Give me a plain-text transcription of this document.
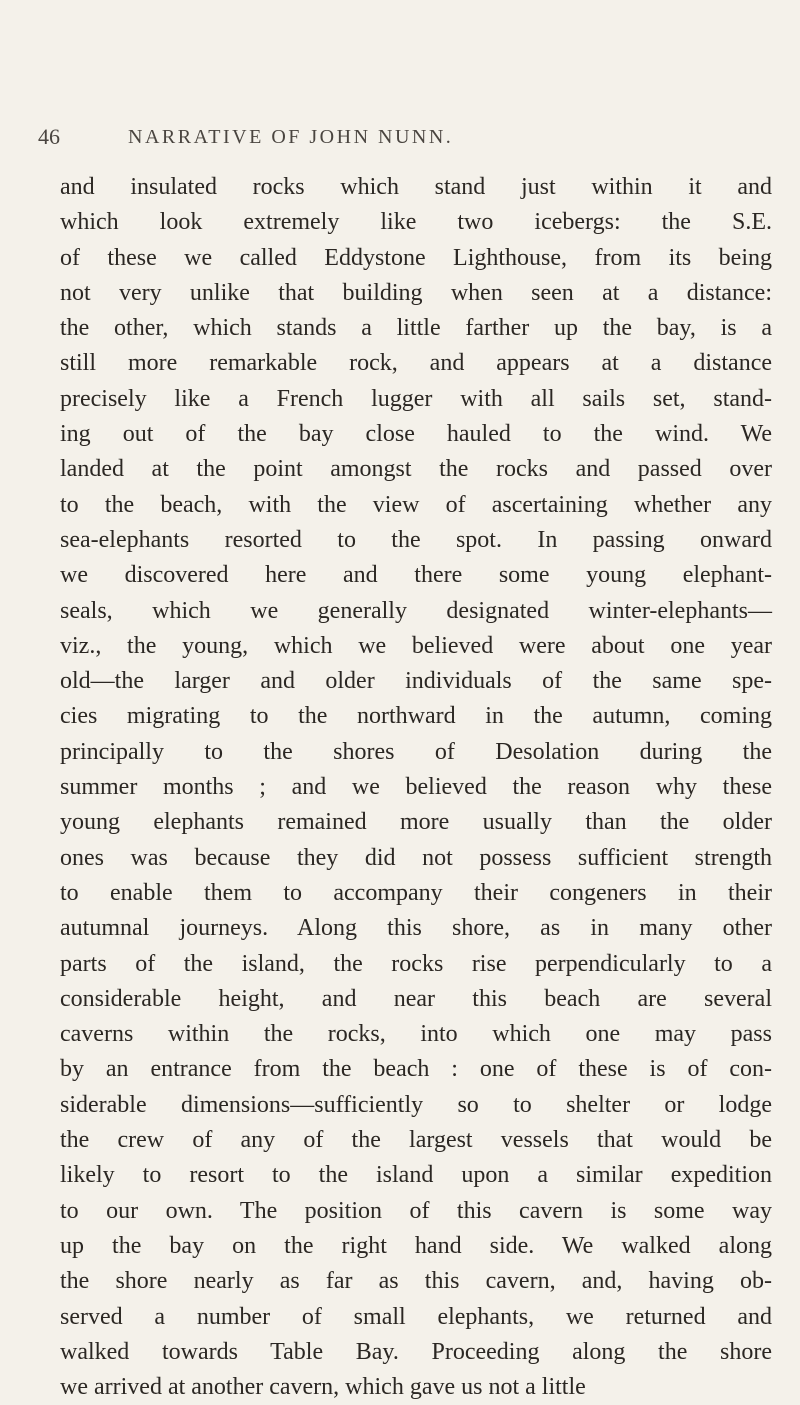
46	NARRATIVE OF JOHN NUNN.
and insulated rocks which stand just within it and
which look extremely like two icebergs: the S.E.
of these we called Eddystone Lighthouse, from its being
not very unlike that building when seen at a distance:
the other, which stands a little farther up the bay, is a
still more remarkable rock, and appears at a distance
precisely like a French lugger with all sails set, stand-
ing out of the bay close hauled to the wind. We
landed at the point amongst the rocks and passed over
to the beach, with the view of ascertaining whether any
sea-elephants resorted to the spot. In passing onward
we discovered here and there some young elephant-
seals, which we generally designated winter-elephants—
viz., the young, which we believed were about one year
old—the larger and older individuals of the same spe-
cies migrating to the northward in the autumn, coming
principally to the shores of Desolation during the
summer months ; and we believed the reason why these
young elephants remained more usually than the older
ones was because they did not possess sufficient strength
to enable them to accompany their congeners in their
autumnal journeys. Along this shore, as in many other
parts of the island, the rocks rise perpendicularly to a
considerable height, and near this beach are several
caverns within the rocks, into which one may pass
by an entrance from the beach : one of these is of con-
siderable dimensions—sufficiently so to shelter or lodge
the crew of any of the largest vessels that would be
likely to resort to the island upon a similar expedition
to our own. The position of this cavern is some way
up the bay on the right hand side. We walked along
the shore nearly as far as this cavern, and, having ob-
served a number of small elephants, we returned and
walked towards Table Bay. Proceeding along the shore
we arrived at another cavern, which gave us not a little
